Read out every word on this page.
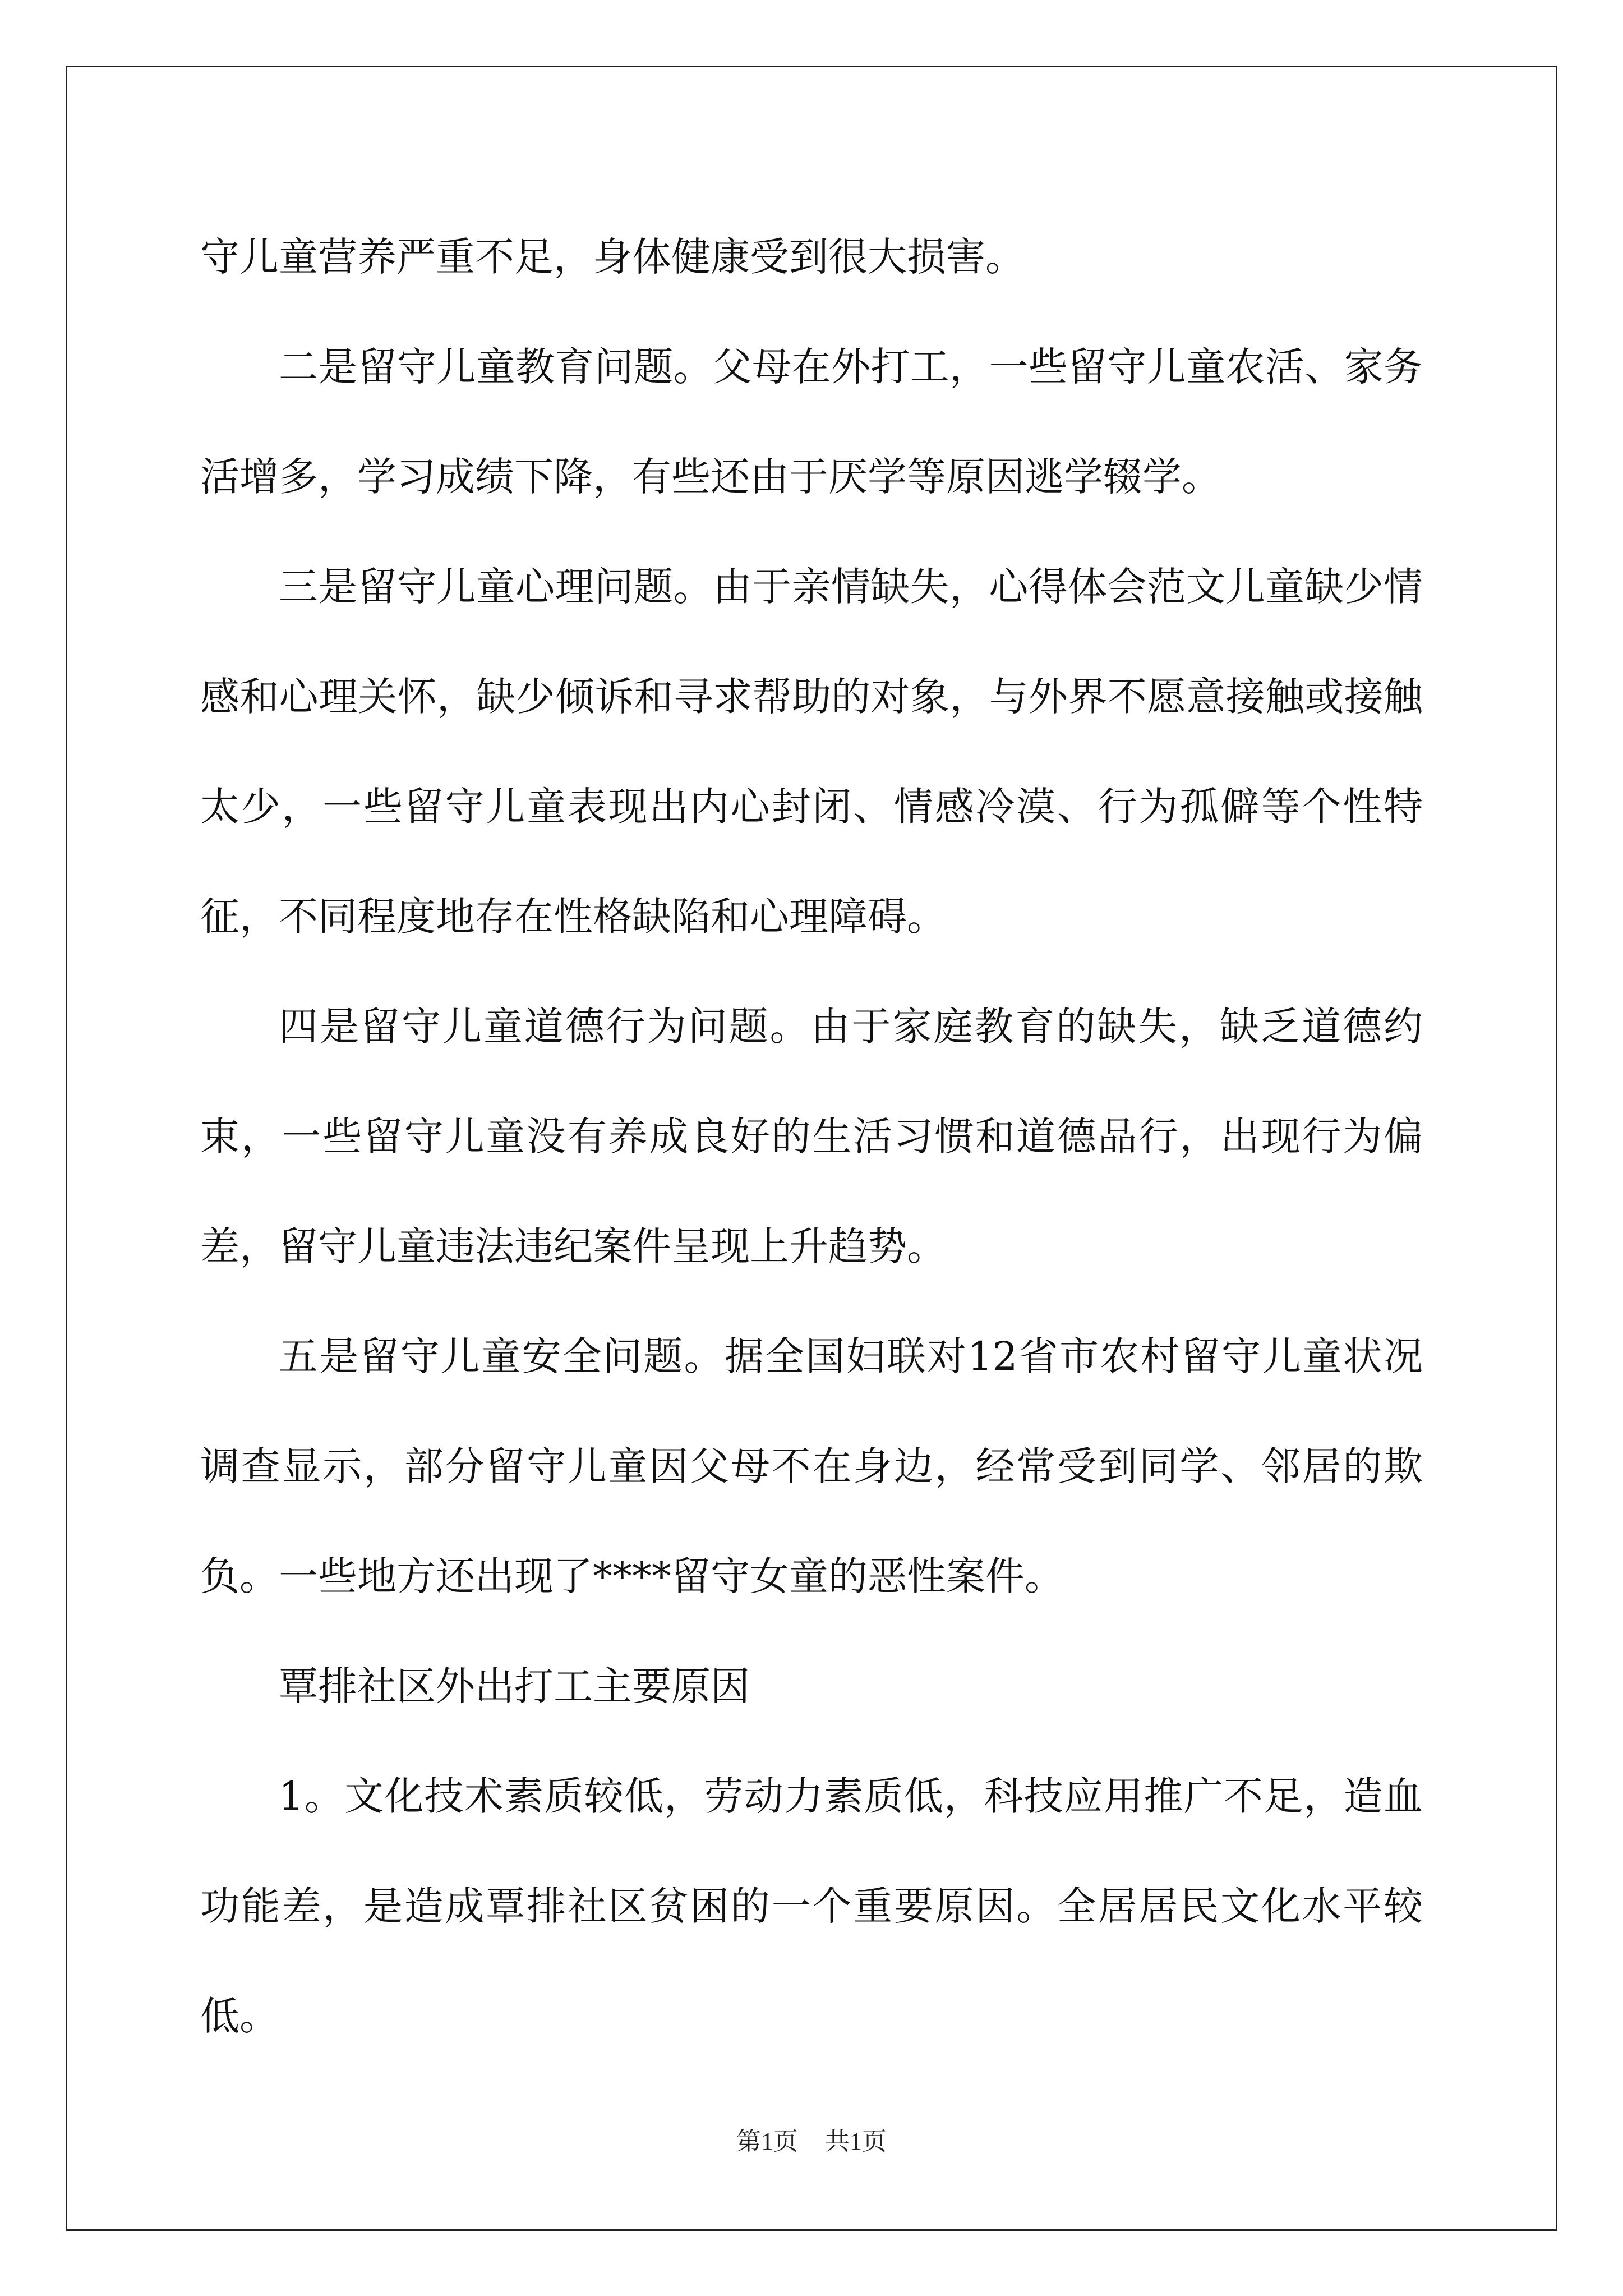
守儿童营养严重不足，身体健康受到很大损害。

二是留守儿童教育问题。父母在外打工，一些留守儿童农活、家务活增多，学习成绩下降，有些还由于厌学等原因逃学辍学。

三是留守儿童心理问题。由于亲情缺失，心得体会范文儿童缺少情感和心理关怀，缺少倾诉和寻求帮助的对象，与外界不愿意接触或接触太少，一些留守儿童表现出内心封闭、情感冷漠、行为孤僻等个性特征，不同程度地存在性格缺陷和心理障碍。

四是留守儿童道德行为问题。由于家庭教育的缺失，缺乏道德约束，一些留守儿童没有养成良好的生活习惯和道德品行，出现行为偏差，留守儿童违法违纪案件呈现上升趋势。

五是留守儿童安全问题。据全国妇联对12省市农村留守儿童状况调查显示，部分留守儿童因父母不在身边，经常受到同学、邻居的欺负。一些地方还出现了****留守女童的恶性案件。

覃排社区外出打工主要原因

1。文化技术素质较低，劳动力素质低，科技应用推广不足，造血功能差，是造成覃排社区贫困的一个重要原因。全居居民文化水平较低。

第1页 共1页
